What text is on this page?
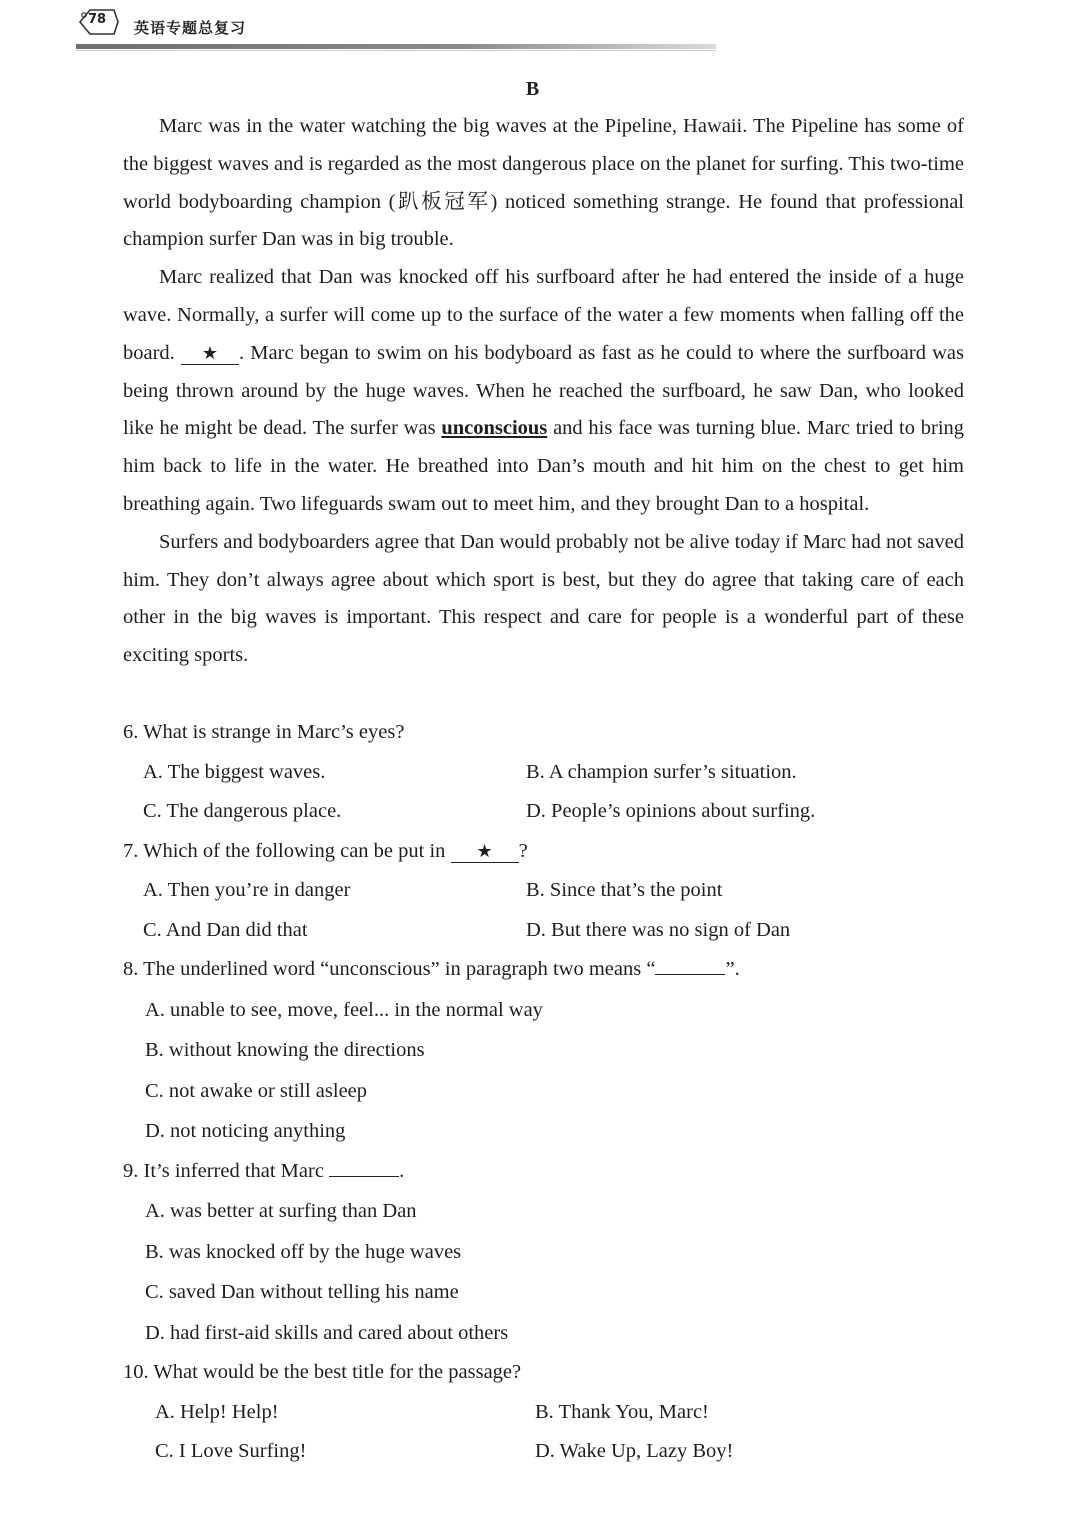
78	英语专题总复习
B

Marc was in the water watching the big waves at the Pipeline, Hawaii. The Pipeline has some of the biggest waves and is regarded as the most dangerous place on the planet for surfing. This two-time world bodyboarding champion (趴板冠军) noticed something strange. He found that professional champion surfer Dan was in big trouble.

Marc realized that Dan was knocked off his surfboard after he had entered the inside of a huge wave. Normally, a surfer will come up to the surface of the water a few moments when falling off the board. ★ . Marc began to swim on his bodyboard as fast as he could to where the surfboard was being thrown around by the huge waves. When he reached the surfboard, he saw Dan, who looked like he might be dead. The surfer was unconscious and his face was turning blue. Marc tried to bring him back to life in the water. He breathed into Dan’s mouth and hit him on the chest to get him breathing again. Two lifeguards swam out to meet him, and they brought Dan to a hospital.

Surfers and bodyboarders agree that Dan would probably not be alive today if Marc had not saved him. They don’t always agree about which sport is best, but they do agree that taking care of each other in the big waves is important. This respect and care for people is a wonderful part of these exciting sports.

6. What is strange in Marc’s eyes?
A. The biggest waves.	B. A champion surfer’s situation.
C. The dangerous place.	D. People’s opinions about surfing.
7. Which of the following can be put in ★ ?
A. Then you’re in danger	B. Since that’s the point
C. And Dan did that	D. But there was no sign of Dan
8. The underlined word “unconscious” in paragraph two means “	”.
A. unable to see, move, feel... in the normal way
B. without knowing the directions
C. not awake or still asleep
D. not noticing anything
9. It’s inferred that Marc	.
A. was better at surfing than Dan
B. was knocked off by the huge waves
C. saved Dan without telling his name
D. had first-aid skills and cared about others
10. What would be the best title for the passage?
A. Help! Help!	B. Thank You, Marc!
C. I Love Surfing!	D. Wake Up, Lazy Boy!
